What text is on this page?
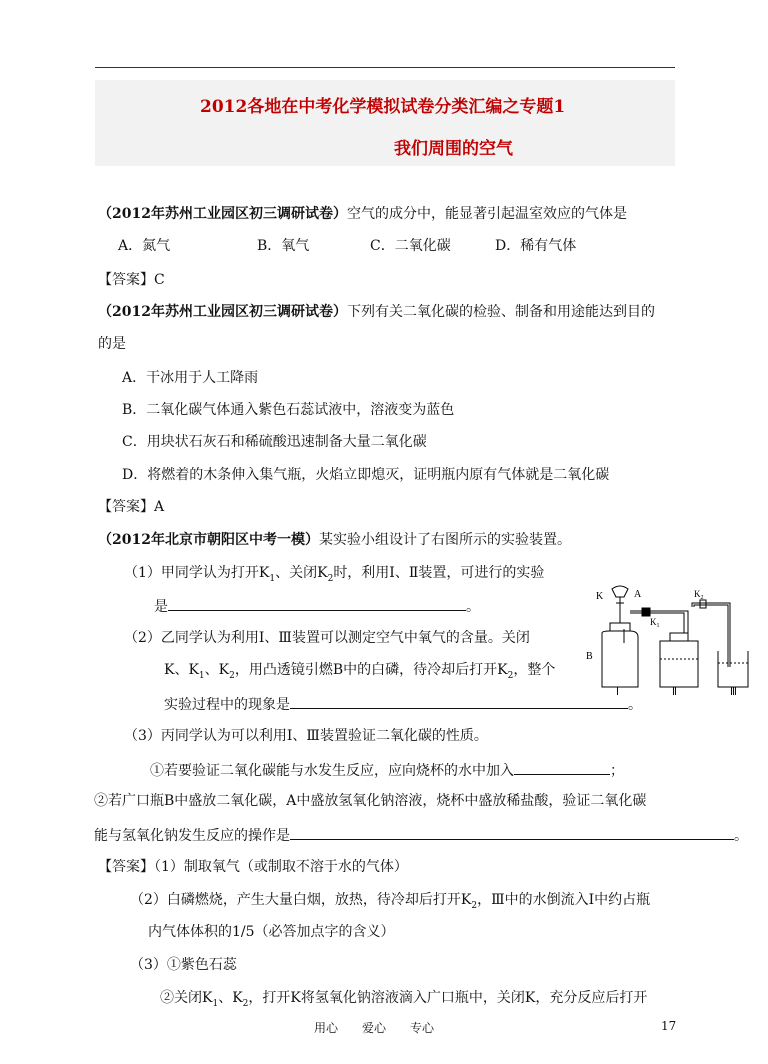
2012各地在中考化学模拟试卷分类汇编之专题1
我们周围的空气
（2012年苏州工业园区初三调研试卷）空气的成分中，能显著引起温室效应的气体是
A．氮气	B．氧气	C．二氧化碳	D．稀有气体
【答案】C
（2012年苏州工业园区初三调研试卷）下列有关二氧化碳的检验、制备和用途能达到目的
的是
A．干冰用于人工降雨
B．二氧化碳气体通入紫色石蕊试液中，溶液变为蓝色
C．用块状石灰石和稀硫酸迅速制备大量二氧化碳
D．将燃着的木条伸入集气瓶，火焰立即熄灭，证明瓶内原有气体就是二氧化碳
【答案】A
（2012年北京市朝阳区中考一模）某实验小组设计了右图所示的实验装置。
（1）甲同学认为打开$K_1$、关闭$K_2$时，利用Ⅰ、Ⅱ装置，可进行的实验
是	。
（2）乙同学认为利用Ⅰ、Ⅲ装置可以测定空气中氧气的含量。关闭
K、$K_1$、$K_2$，用凸透镜引燃B中的白磷，待冷却后打开$K_2$，整个
实验过程中的现象是	。
（3）丙同学认为可以利用Ⅰ、Ⅲ装置验证二氧化碳的性质。
①若要验证二氧化碳能与水发生反应，应向烧杯的水中加入	；
②若广口瓶B中盛放二氧化碳，A中盛放氢氧化钠溶液，烧杯中盛放稀盐酸，验证二氧化碳
能与氢氧化钠发生反应的操作是	。
【答案】（1）制取氧气（或制取不溶于水的气体）
（2）白磷燃烧，产生大量白烟，放热，待冷却后打开$K_2$，Ⅲ中的水倒流入Ⅰ中约占瓶
内气体体积的1/5（必答加点字的含义）
（3）①紫色石蕊
②关闭$K_1$、$K_2$，打开K将氢氧化钠溶液滴入广口瓶中，关闭K，充分反应后打开
K	A
$K_1$
$K_2$
B
Ⅰ	Ⅱ	Ⅲ
用心　　爱心　　专心	17
